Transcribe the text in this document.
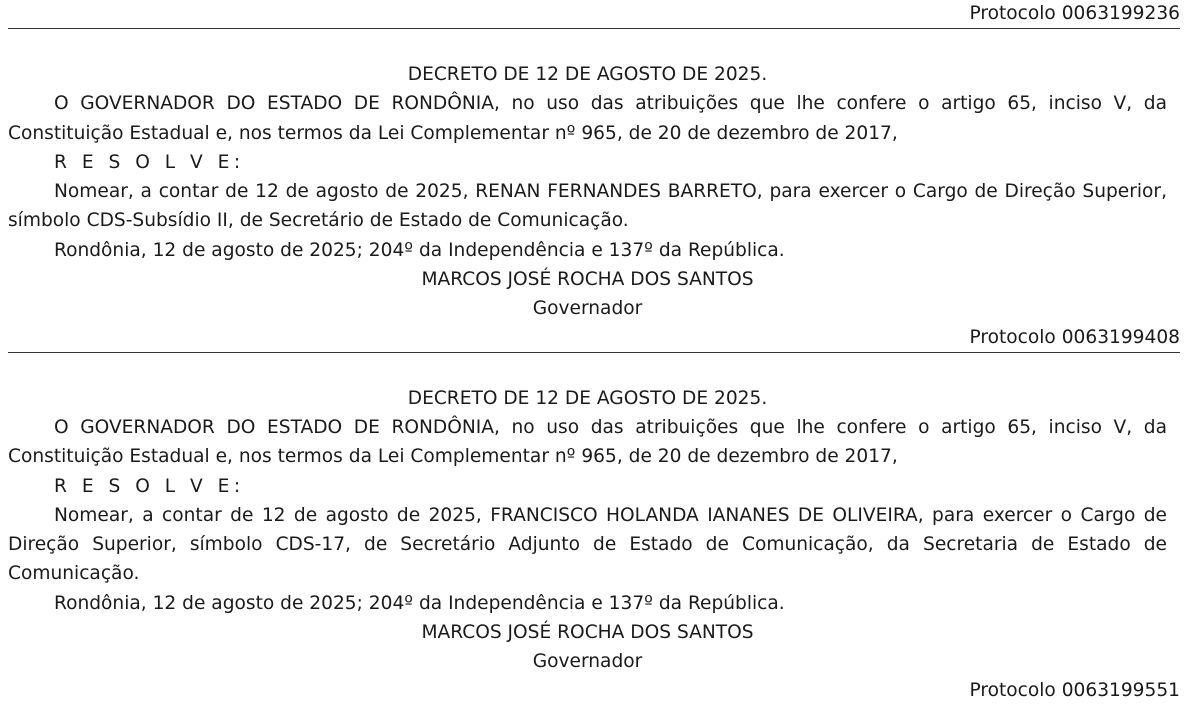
Protocolo 0063199236

DECRETO DE 12 DE AGOSTO DE 2025.

O GOVERNADOR DO ESTADO DE RONDÔNIA, no uso das atribuições que lhe confere o artigo 65, inciso V, da Constituição Estadual e, nos termos da Lei Complementar nº 965, de 20 de dezembro de 2017,

R E S O L V E:

Nomear, a contar de 12 de agosto de 2025, RENAN FERNANDES BARRETO, para exercer o Cargo de Direção Superior, símbolo CDS-Subsídio II, de Secretário de Estado de Comunicação.

Rondônia, 12 de agosto de 2025; 204º da Independência e 137º da República.

MARCOS JOSÉ ROCHA DOS SANTOS

Governador

Protocolo 0063199408

DECRETO DE 12 DE AGOSTO DE 2025.

O GOVERNADOR DO ESTADO DE RONDÔNIA, no uso das atribuições que lhe confere o artigo 65, inciso V, da Constituição Estadual e, nos termos da Lei Complementar nº 965, de 20 de dezembro de 2017,

R E S O L V E:

Nomear, a contar de 12 de agosto de 2025, FRANCISCO HOLANDA IANANES DE OLIVEIRA, para exercer o Cargo de Direção Superior, símbolo CDS-17, de Secretário Adjunto de Estado de Comunicação, da Secretaria de Estado de Comunicação.

Rondônia, 12 de agosto de 2025; 204º da Independência e 137º da República.

MARCOS JOSÉ ROCHA DOS SANTOS

Governador

Protocolo 0063199551
